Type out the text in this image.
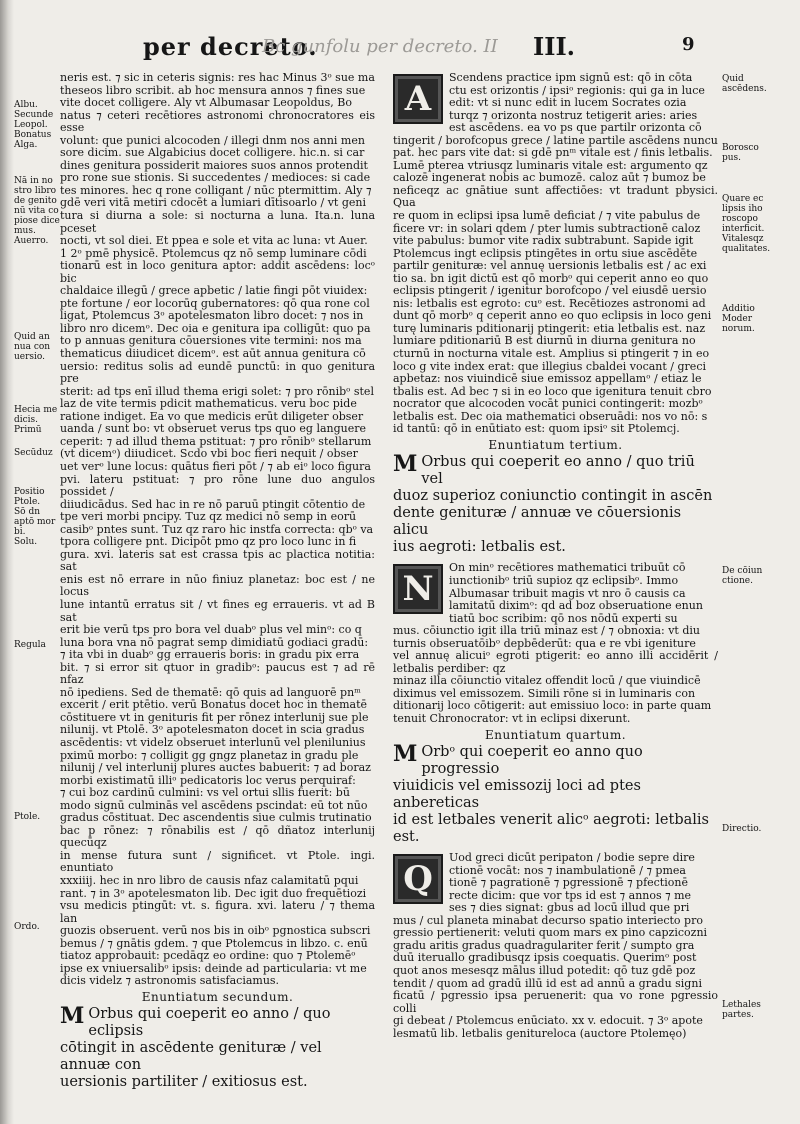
per decreto.
Bc gunfolu per decreto. II III.	9

neris est. ⁊ sic in ceteris signis: res hac Minus 3ᵒ sue ma
theseos libro scribit. ab hoc mensura annos ⁊ fines sue
vite docet colligere. Aly vt Albumasar Leopoldus, Bo
natus ⁊ ceteri recētiores astronomi chronocratores eis esse
volunt: que punici alcocoden / illegi dnm nos anni men
sore dicim. sue Algabicius docet colligere. hic.n. si car
dines genitura possiderit maiores suos annos protendit
pro rone sue stionis. Si succedentes / medioces: si cade
tes minores. hec q rone colligant / nūc ptermittim. Aly ⁊
gdē veri vitā metiri cdocēt a lumiari dītisoarlo / vt geni
tura si diurna a sole: si nocturna a luna. Ita.n. luna pceset
nocti, vt sol diei. Et ppea e sole et vita ac luna: vt Auer.
1 2ᵒ pmē physicē. Ptolemcus qz nō semp luminare cōdi
tionarū est in loco genitura aptor: addit ascēdens: locᵒ bic
chaldaice illegū / grece apbetic / latie fingi pōt viuidex:
pte fortune / eor locorūq gubernatores: qō qua rone col
ligat, Ptolemcus 3ᵒ apotelesmaton libro docet: ⁊ nos in
libro nro dicemᵒ. Dec oia e genitura ipa colligūt: quo pa
to p annuas genitura cōuersiones vite termini: nos ma
thematicus diiudicet dicemᵒ. est aūt annua genitura cō
uersio: reditus solis ad eundē punctū: in quo genitura pre
sterit: ad tps enī illud thema erigi solet: ⁊ pro rōnibᵒ stel
laz de vite termis pdicit mathematicus. veru boc pide
ratione indiget. Ea vo que medicis erūt diligeter obser
uanda / sunt bo: vt obseruet verus tps quo eg languere
ceperit: ⁊ ad illud thema pstituat: ⁊ pro rōnibᵒ stellarum
(vt dicemᵒ) diiudicet. Scdo vbi boc fieri nequit / obser
uet verᵒ lune locus: quātus fieri pōt / ⁊ ab eiᵒ loco figura
pvi. lateru pstituat: ⁊ pro rōne lune duo angulos possidet /
diiudicādus. Sed hac in re nō paruū ptingit cōtentio de
tpe veri morbi pncipy. Tuz qz medici nō semp in eorū
casibᵒ pntes sunt. Tuz qz raro hic instfa correcta: qbᵒ va
tpora colligere pnt. Dicipōt pmo qz pro loco lunc in fi
gura. xvi. lateris sat est crassa tpis ac plactica notitia: sat
enis est nō errare in nūo finiuz planetaz: boc est / ne locus
lune intantū erratus sit / vt fines eg erraueris. vt ad B sat
erit bie verū tps pro bora vel duabᵒ plus vel minᵒ: co q
luna bora vna nō pagrat semp dimidiatū godiaci gradū:
⁊ ita vbi in duabᵒ gg erraueris boris: in gradu pix erra
bit. ⁊ si error sit qtuor in gradibᵒ: paucus est ⁊ ad rē nfaz
nō ipediens. Sed de thematē: qō quis ad languorē pnᵐ
excerit / erit ptētio. verū Bonatus docet hoc in thematē
cōstituere vt in genituris fit per rōnez interlunij sue ple
nilunij. vt Ptolē. 3ᵒ apotelesmaton docet in scia gradus
ascēdentis: vt videlz obseruet interlunū vel plenilunius
pximū morbo: ⁊ colligit gg gngz planetaz in gradu ple
nilunij / vel interlunij plures auctes babuerit: ⁊ ad boraz
morbi existimatū illiᵒ pedicatoris loc verus perquiraf:
⁊ cui boz cardinū culmini: vs vel ortui sllis fuerit: bū
modo signū culminās vel ascēdens pscindat: eū tot nūo
gradus cōstituat. Dec ascendentis siue culmis trutinatio
bac p rōnez: ⁊ rōnabilis est / qō dñatoz interlunij quecūqz
in mense futura sunt / significet. vt Ptole. ingi. enuntiato
xxxiiij. hec in nro libro de causis nfaz calamitatū pqui
rant. ⁊ in 3ᵒ apotelesmaton lib. Dec igit duo frequētiozi
vsu medicis ptingūt: vt. s. figura. xvi. lateru / ⁊ thema lan
guozis obseruent. verū nos bis in oibᵒ pgnostica subscri
bemus / ⁊ gnātis gdem. ⁊ que Ptolemcus in libzo. c. enū
tiatoz approbauit: pcedāqz eo ordine: quo ⁊ Ptolemēᵒ
ipse ex vniuersalibᵒ ipsis: deinde ad particularia: vt me
dicis videlz ⁊ astronomis satisfaciamus.

Enuntiatum secundum.

M Orbus qui coeperit eo anno / quo eclipsis
cōtingit in ascēdente genituræ / vel annuæ con
uersionis partiliter / exitiosus est.

A

Scendens practice ipm signū est: qō in cōta
ctu est orizontis / ipsiᵒ regionis: qui ga in luce
edit: vt si nunc edit in lucem Socrates ozia
turqz ⁊ orizonta nostruz tetigerit aries: aries
est ascēdens. ea vo ps que partilr orizonta cō
tingerit / borofcopus grece / latine partile ascēdens nuncu
pat. hec pars vite dat: si gdē pnᵐ vitale est / finis letbalis.
Lumē pterea vtriusqz luminaris vitale est: argumento qz
calozē ingenerat nobis ac bumozē. caloz aūt ⁊ bumoz be
neficeqz ac gnātiue sunt affectiōes: vt tradunt pbysici. Qua
re quom in eclipsi ipsa lumē deficiat / ⁊ vite pabulus de
ficere vr: in solari qdem / pter lumis subtractionē caloz
vite pabulus: bumor vite radix subtrabunt. Sapide igit
Ptolemcus ingt eclipsis ptingētes in ortu siue ascēdēte
partilr genituræ: vel annuę uersionis letbalis est / ac exi
tio sa. bn igit dictū est qō morbᵒ qui ceperit anno eo quo
eclipsis ptingerit / igenitur borofcopo / vel eiusdē uersio
nis: letbalis est egroto: cuᵒ est. Recētiozes astronomi ad
dunt qō morbᵒ q ceperit anno eo quo eclipsis in loco geni
turę luminaris pditionarij ptingerit: etia letbalis est. naz
lumiare pditionariū B est diurnū in diurna genitura no
cturnū in nocturna vitale est. Amplius si ptingerit ⁊ in eo
loco g vite index erat: que illegius cbaldei vocant / greci
apbetaz: nos viuindicē siue emissoz appellamᵒ / etiaz le
tbalis est. Ad bec ⁊ si in eo loco que igenitura tenuit cbro
nocrator que alcocoden vocāt punici contingerit: mozbᵒ
letbalis est. Dec oia mathematici obseruādi: nos vo nō: s
id tantū: qō in enūtiato est: quom ipsiᵒ sit Ptolemcj.

Enuntiatum tertium.

M Orbus qui coeperit eo anno / quo triū vel
duoz superioz coniunctio contingit in ascēn
dente genituræ / annuæ ve cōuersionis alicu
ius aegroti: letbalis est.

N

On minᵒ recētiores mathematici tribuūt cō
iunctionibᵒ triū supioz qz eclipsibᵒ. Immo
Albumasar tribuit magis vt nro ō causis ca
lamitatū diximᵒ: qd ad boz obseruatione enun
tiatū boc scribim: qō nos nōdū experti su
mus. cōiunctio igit illa triū minaz est / ⁊ obnoxia: vt diu
turnis obseruatōibᵒ depbēderūt: qua e re vbi igeniture
vel annuę alicuiᵒ egroti ptigerit: eo anno illi accidērit / letbalis perdiber: qz
minaz illa cōiunctio vitalez offendit locū / que viuindicē
diximus vel emissozem. Simili rōne si in luminaris con
ditionarij loco cōtigerit: aut emissiuo loco: in parte quam
tenuit Chronocrator: vt in eclipsi dixerunt.

Enuntiatum quartum.

M Orbᵒ qui coeperit eo anno quo progressio
viuidicis vel emissozij loci ad ptes anbereticas
id est letbales venerit alicᵒ aegroti: letbalis est.

Q

Uod greci dicūt peripaton / bodie sepre dire
ctionē vocāt: nos ⁊ inambulationē / ⁊ pmea
tionē ⁊ pagrationē ⁊ pgressionē ⁊ pfectionē
recte dicim: que vor tps id est ⁊ annos ⁊ me
ses ⁊ dies signat: gbus ad locū illud que pri
mus / cul planeta minabat decurso spatio interiecto pro
gressio pertienerit: veluti quom mars ex pino capzicozni
gradu aritis gradus quadragulariter ferit / sumpto gra
duū iteruallo gradibusqz ipsis coequatis. Querimᵒ post
quot anos mesesqz mālus illud potedit: qō tuz gdē poz
tendit / quom ad gradū illū id est ad annū a gradu signi
ficatū / pgressio ipsa peruenerit: qua vo rone pgressio colli
gi debeat / Ptolemcus enūciato. xx v. edocuit. ⁊ 3ᵒ apote
lesmatū lib. letbalis genitureloca (auctore Ptolemęo)

Albu.
Secunde
Leopol.
Bonatus
Alga.
Nā in no
stro libro
de genito
nū vita co
piose dice
mus.
Auerro.
Quid an
nua con
uersio.
Hecia me
dicis.
Primū
Secūduz
Positio
Ptole.
Sō dn
aptō mor
bi.
Solu.
Regula
Ptole.
Ordo.
Quid
ascēdens.
Borosco
pus.
Quare ec
lipsis iho
roscopo
interficit.
Vitalesqz
qualitates.
Additio
Moder
norum.
De cōiun
ctione.
Directio.
Lethales
partes.
